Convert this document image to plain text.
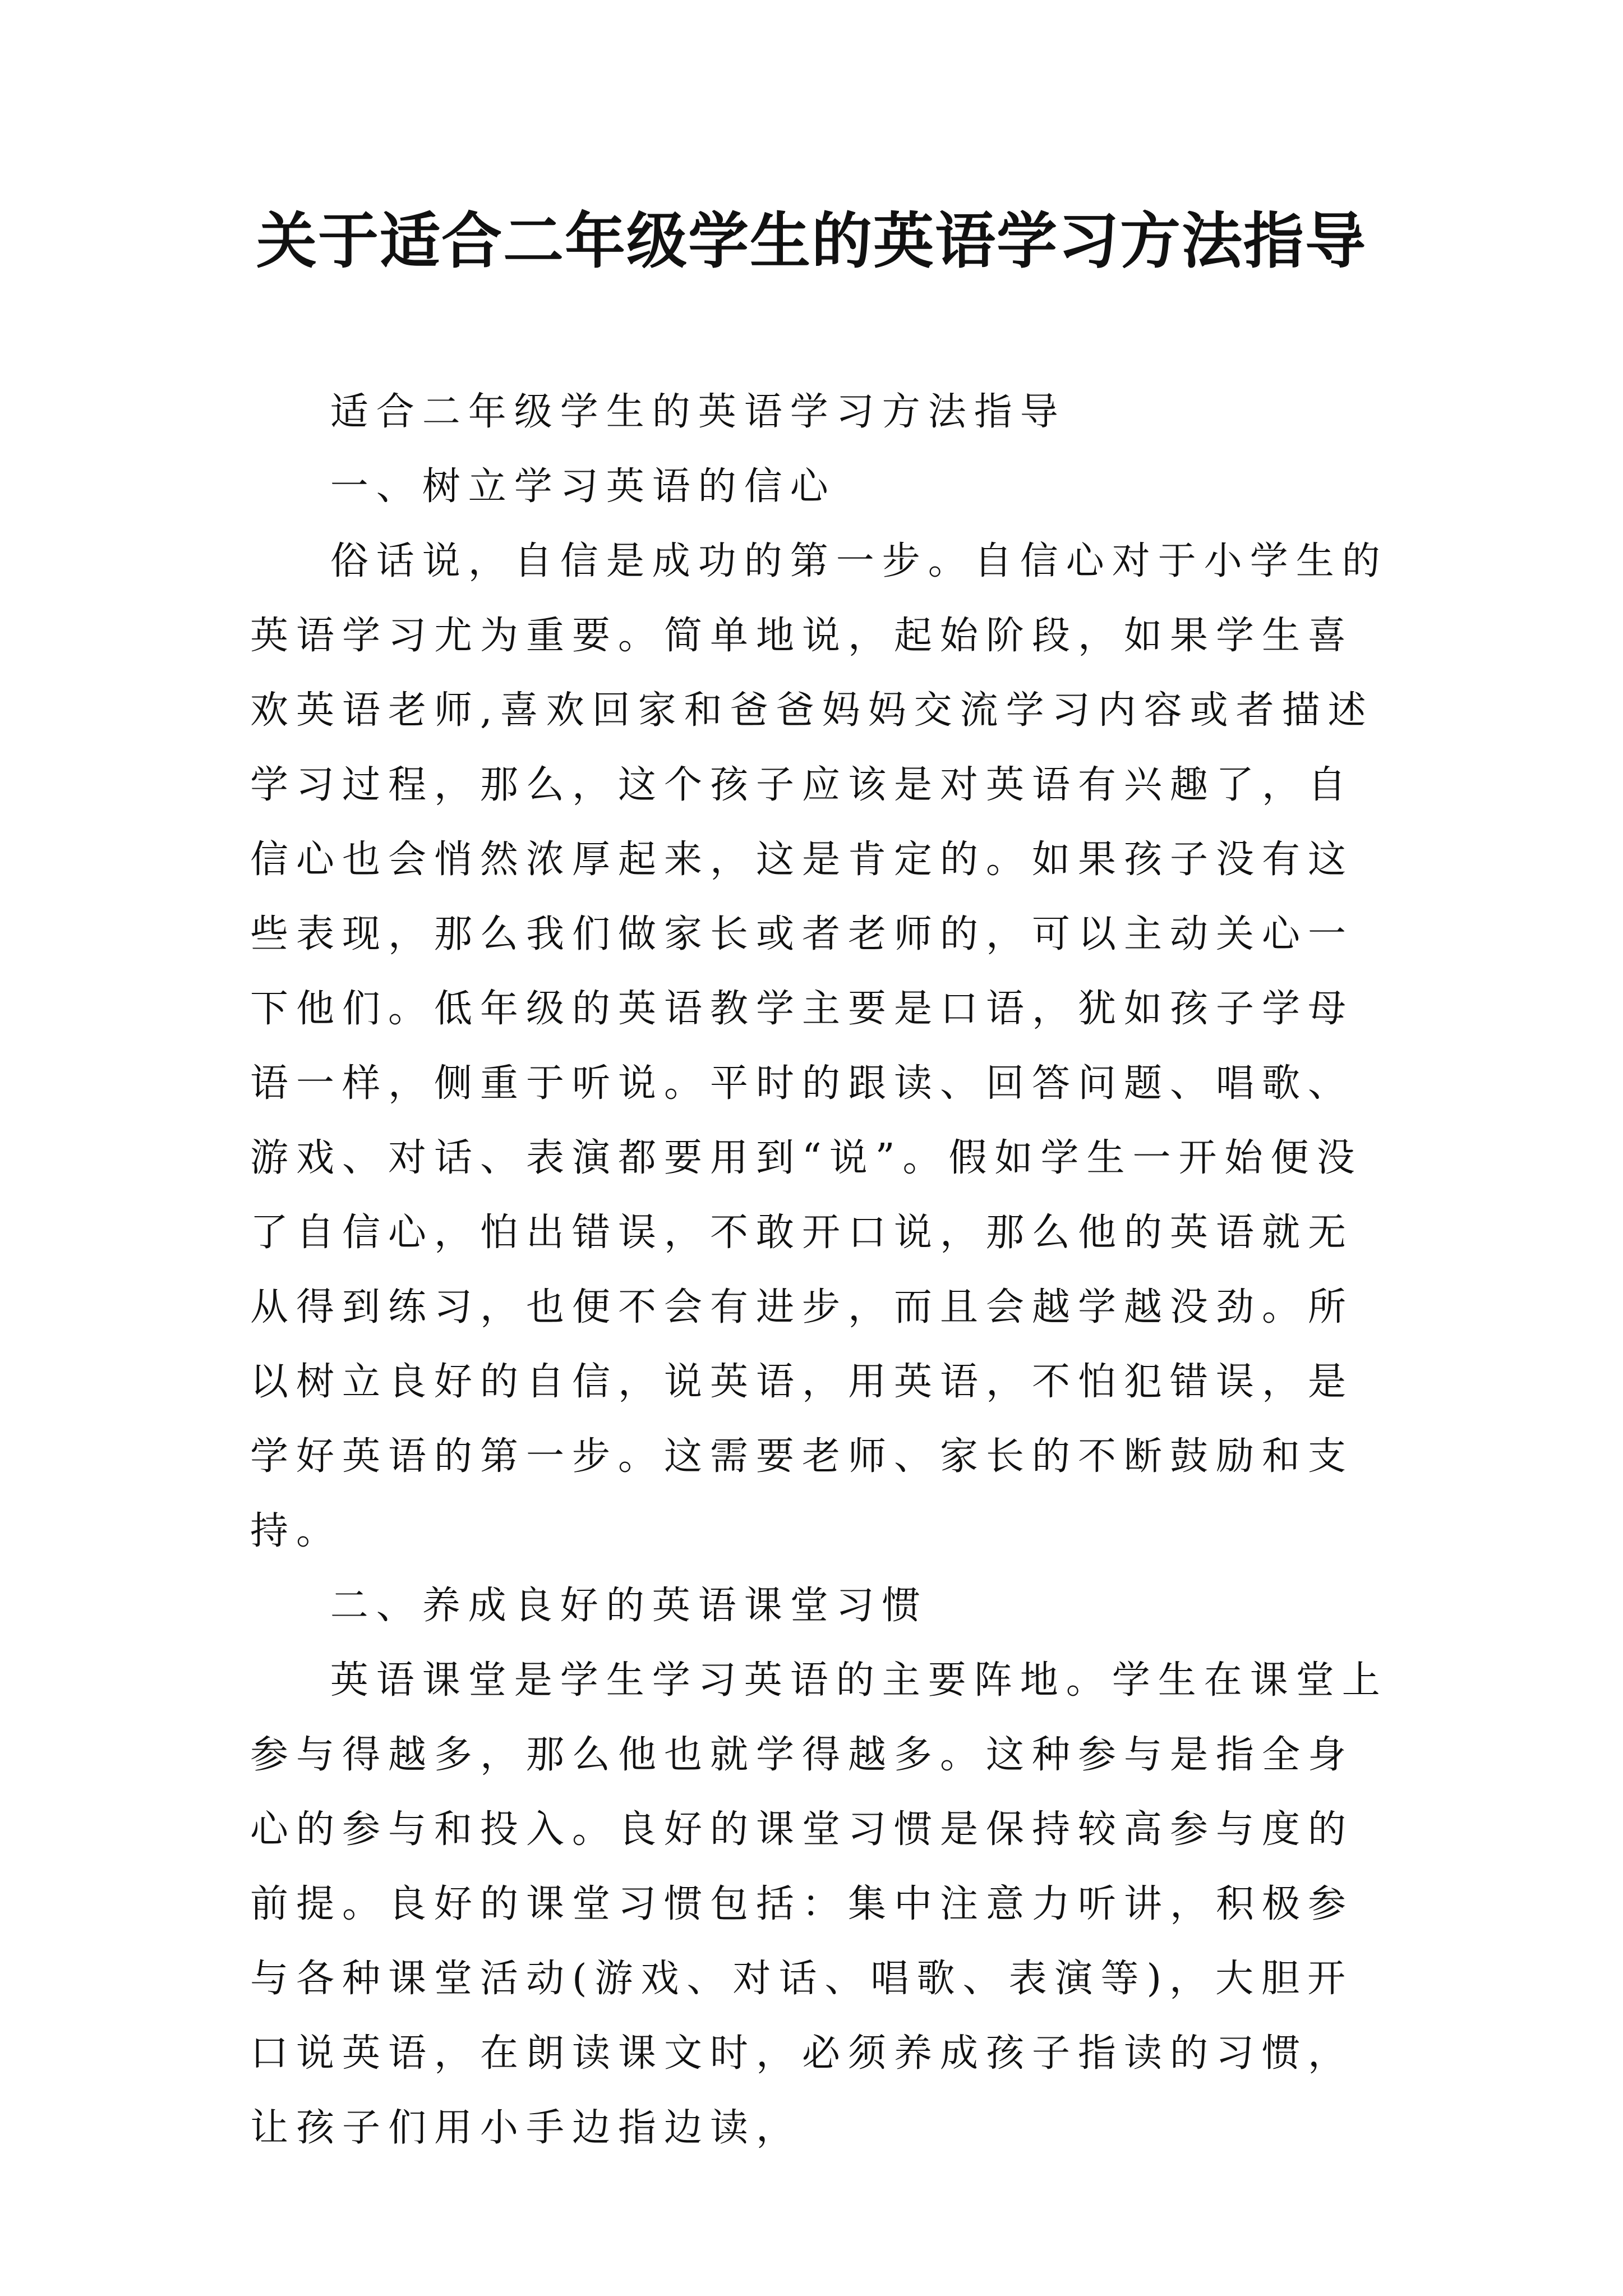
关于适合二年级学生的英语学习方法指导

适合二年级学生的英语学习方法指导

一、树立学习英语的信心

俗话说，自信是成功的第一步。自信心对于小学生的英语学习尤为重要。简单地说，起始阶段，如果学生喜欢英语老师,喜欢回家和爸爸妈妈交流学习内容或者描述学习过程，那么，这个孩子应该是对英语有兴趣了，自信心也会悄然浓厚起来，这是肯定的。如果孩子没有这些表现，那么我们做家长或者老师的，可以主动关心一下他们。低年级的英语教学主要是口语，犹如孩子学母语一样，侧重于听说。平时的跟读、回答问题、唱歌、游戏、对话、表演都要用到“说”。假如学生一开始便没了自信心，怕出错误，不敢开口说，那么他的英语就无从得到练习，也便不会有进步，而且会越学越没劲。所以树立良好的自信，说英语，用英语，不怕犯错误，是学好英语的第一步。这需要老师、家长的不断鼓励和支持。

二、养成良好的英语课堂习惯

英语课堂是学生学习英语的主要阵地。学生在课堂上参与得越多，那么他也就学得越多。这种参与是指全身心的参与和投入。良好的课堂习惯是保持较高参与度的前提。良好的课堂习惯包括：集中注意力听讲，积极参与各种课堂活动(游戏、对话、唱歌、表演等)，大胆开口说英语，在朗读课文时，必须养成孩子指读的习惯，让孩子们用小手边指边读，
